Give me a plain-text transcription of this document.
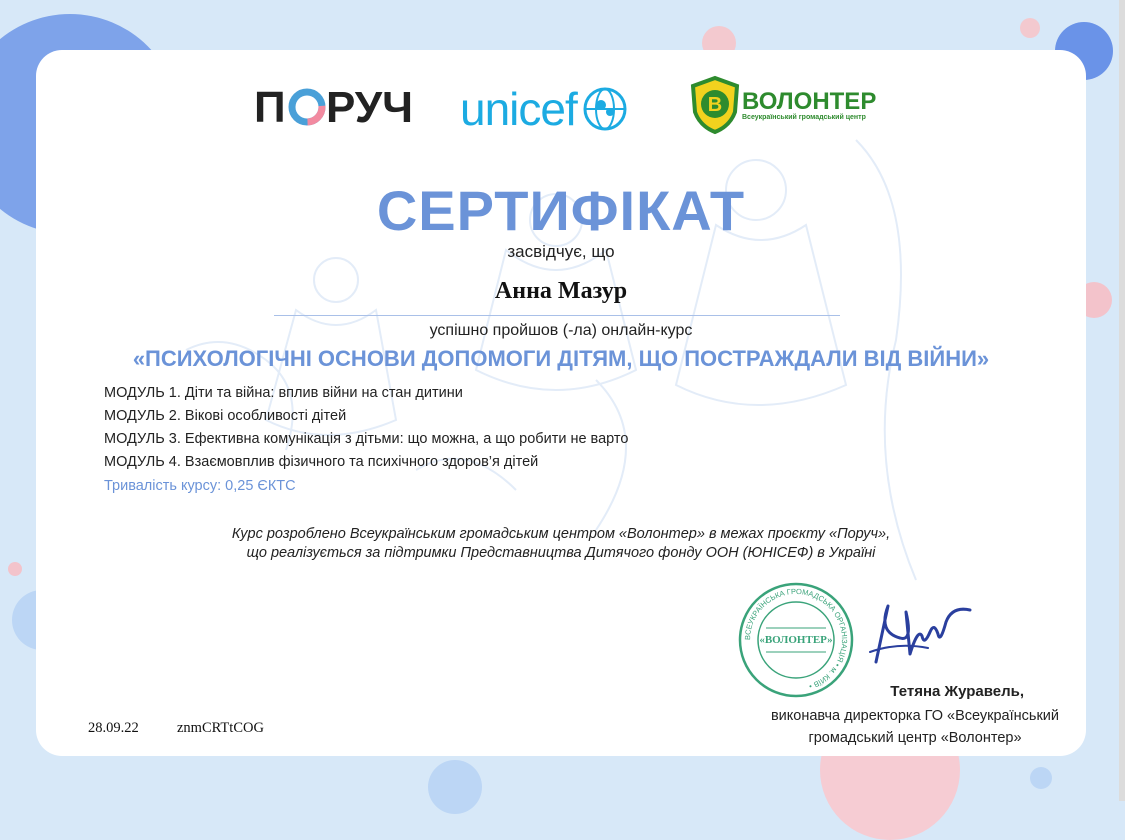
П РУЧ unicef	В ВОЛОНТЕР
Всеукраїнський громадський центр
СЕРТИФІКАТ
засвідчує, що
Анна Мазур
успішно пройшов (-ла) онлайн-курс
«ПСИХОЛОГІЧНІ ОСНОВИ ДОПОМОГИ ДІТЯМ, ЩО ПОСТРАЖДАЛИ ВІД ВІЙНИ»
МОДУЛЬ 1. Діти та війна: вплив війни на стан дитини
МОДУЛЬ 2. Вікові особливості дітей
МОДУЛЬ 3. Ефективна комунікація з дітьми: що можна, а що робити не варто
МОДУЛЬ 4. Взаємовплив фізичного та психічного здоров’я дітей
Тривалість курсу: 0,25 ЄКТС
Курс розроблено Всеукраїнським громадським центром «Волонтер» в межах проєкту «Поруч»,
що реалізується за підтримки Представництва Дитячого фонду ООН (ЮНІСЕФ) в Україні
ВСЕУКРАЇНСЬКА ГРОМАДСЬКА ОРГАНІЗАЦІЯ • м. КИЇВ •
«ВОЛОНТЕР»
Тетяна Журавель,
виконавча директорка ГО «Всеукраїнський
громадський центр «Волонтер»
28.09.22	znmCRTtCOG
